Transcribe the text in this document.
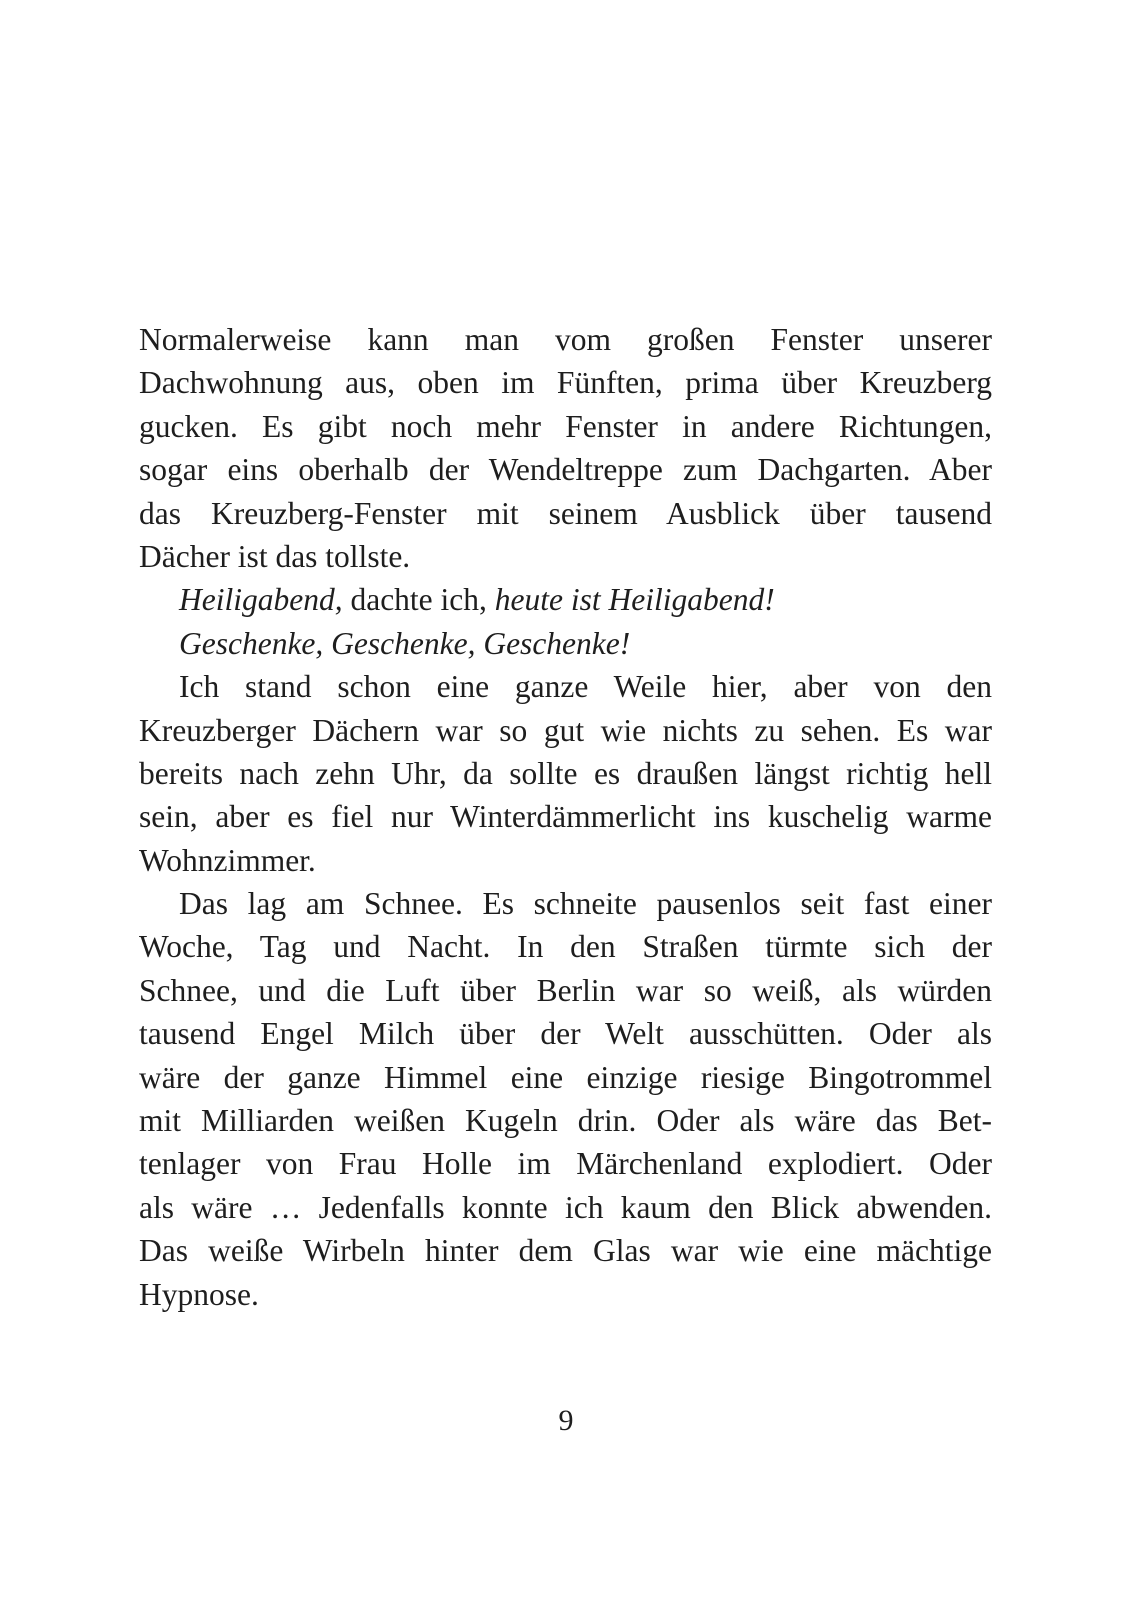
Normalerweise kann man vom großen Fenster unserer
Dachwohnung aus, oben im Fünften, prima über Kreuzberg
gucken. Es gibt noch mehr Fenster in andere Richtungen,
sogar eins oberhalb der Wendeltreppe zum Dachgarten. Aber
das Kreuzberg-Fenster mit seinem Ausblick über tausend
Dächer ist das tollste.
Heiligabend, dachte ich, heute ist Heiligabend!
Geschenke, Geschenke, Geschenke!
Ich stand schon eine ganze Weile hier, aber von den
Kreuzberger Dächern war so gut wie nichts zu sehen. Es war
bereits nach zehn Uhr, da sollte es draußen längst richtig hell
sein, aber es fiel nur Winterdämmerlicht ins kuschelig warme
Wohnzimmer.
Das lag am Schnee. Es schneite pausenlos seit fast einer
Woche, Tag und Nacht. In den Straßen türmte sich der
Schnee, und die Luft über Berlin war so weiß, als würden
tausend Engel Milch über der Welt ausschütten. Oder als
wäre der ganze Himmel eine einzige riesige Bingotrommel
mit Milliarden weißen Kugeln drin. Oder als wäre das Bet-
tenlager von Frau Holle im Märchenland explodiert. Oder
als wäre … Jedenfalls konnte ich kaum den Blick abwenden.
Das weiße Wirbeln hinter dem Glas war wie eine mächtige
Hypnose.
9
